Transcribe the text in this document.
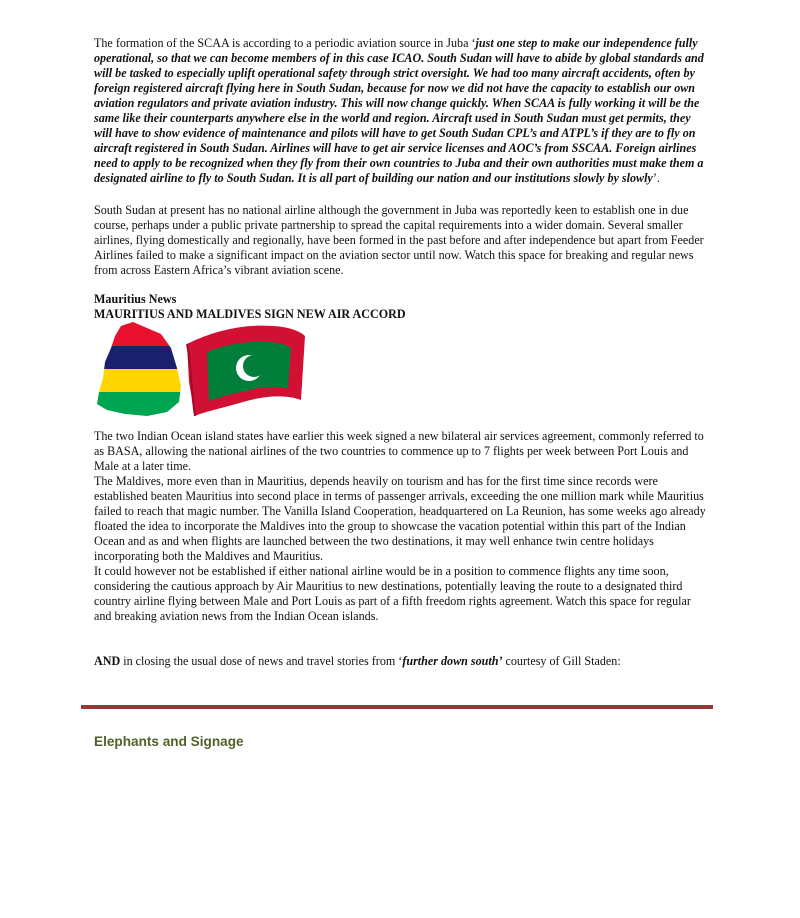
The formation of the SCAA is according to a periodic aviation source in Juba ‘just one step to make our independence fully operational, so that we can become members of in this case ICAO. South Sudan will have to abide by global standards and will be tasked to especially uplift operational safety through strict oversight. We had too many aircraft accidents, often by foreign registered aircraft flying here in South Sudan, because for now we did not have the capacity to establish our own aviation regulators and private aviation industry. This will now change quickly. When SCAA is fully working it will be the same like their counterparts anywhere else in the world and region. Aircraft used in South Sudan must get permits, they will have to show evidence of maintenance and pilots will have to get South Sudan CPL’s and ATPL’s if they are to fly on aircraft registered in South Sudan. Airlines will have to get air service licenses and AOC’s from SSCAA. Foreign airlines need to apply to be recognized when they fly from their own countries to Juba and their own authorities must make them a designated airline to fly to South Sudan. It is all part of building our nation and our institutions slowly by slowly’.

South Sudan at present has no national airline although the government in Juba was reportedly keen to establish one in due course, perhaps under a public private partnership to spread the capital requirements into a wider domain. Several smaller airlines, flying domestically and regionally, have been formed in the past before and after independence but apart from Feeder Airlines failed to make a significant impact on the aviation sector until now. Watch this space for breaking and regular news from across Eastern Africa’s vibrant aviation scene.

Mauritius News
MAURITIUS AND MALDIVES SIGN NEW AIR ACCORD
The two Indian Ocean island states have earlier this week signed a new bilateral air services agreement, commonly referred to as BASA, allowing the national airlines of the two countries to commence up to 7 flights per week between Port Louis and Male at a later time.
The Maldives, more even than in Mauritius, depends heavily on tourism and has for the first time since records were established beaten Mauritius into second place in terms of passenger arrivals, exceeding the one million mark while Mauritius failed to reach that magic number. The Vanilla Island Cooperation, headquartered on La Reunion, has some weeks ago already floated the idea to incorporate the Maldives into the group to showcase the vacation potential within this part of the Indian Ocean and as and when flights are launched between the two destinations, it may well enhance twin centre holidays incorporating both the Maldives and Mauritius.
It could however not be established if either national airline would be in a position to commence flights any time soon, considering the cautious approach by Air Mauritius to new destinations, potentially leaving the route to a designated third country airline flying between Male and Port Louis as part of a fifth freedom rights agreement. Watch this space for regular and breaking aviation news from the Indian Ocean islands.

AND in closing the usual dose of news and travel stories from ‘further down south’ courtesy of Gill Staden:

Elephants and Signage
